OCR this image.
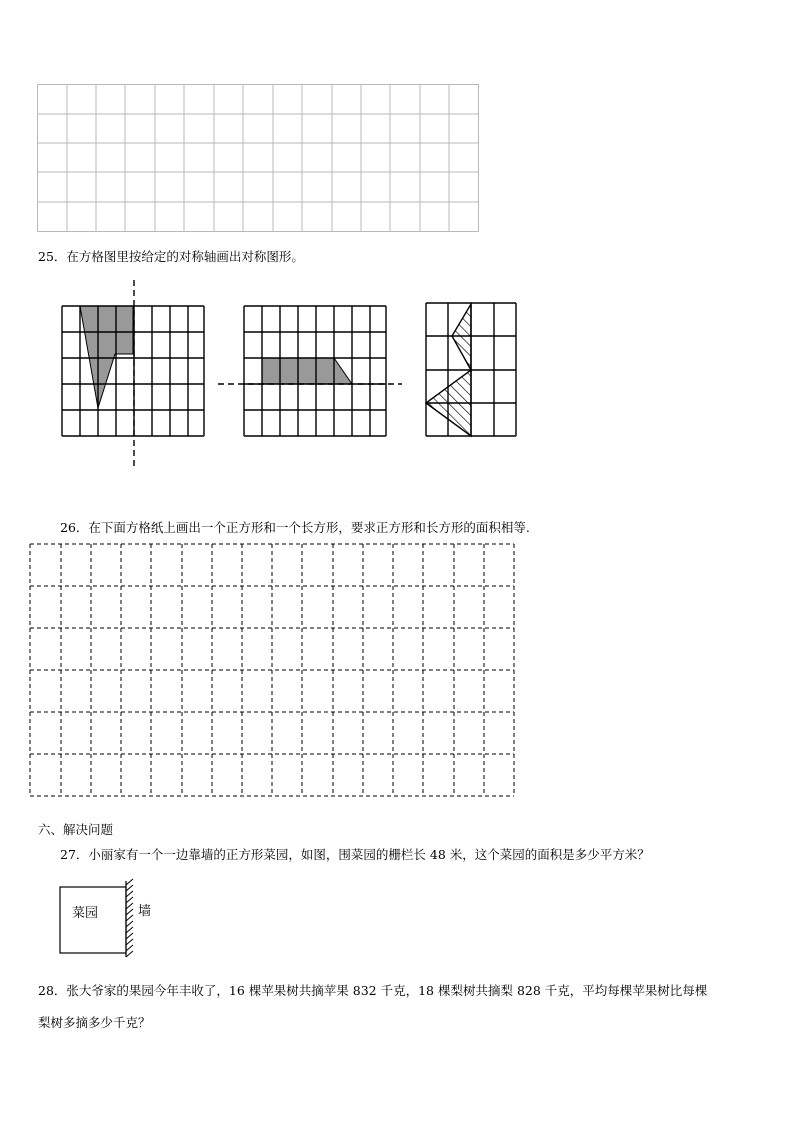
25．在方格图里按给定的对称轴画出对称图形。
26．在下面方格纸上画出一个正方形和一个长方形，要求正方形和长方形的面积相等.
六、解决问题
27．小丽家有一个一边靠墙的正方形菜园，如图，围菜园的栅栏长 48 米，这个菜园的面积是多少平方米？
菜园	墙
28．张大爷家的果园今年丰收了，16 棵苹果树共摘苹果 832 千克，18 棵梨树共摘梨 828 千克，平均每棵苹果树比每棵
梨树多摘多少千克？
